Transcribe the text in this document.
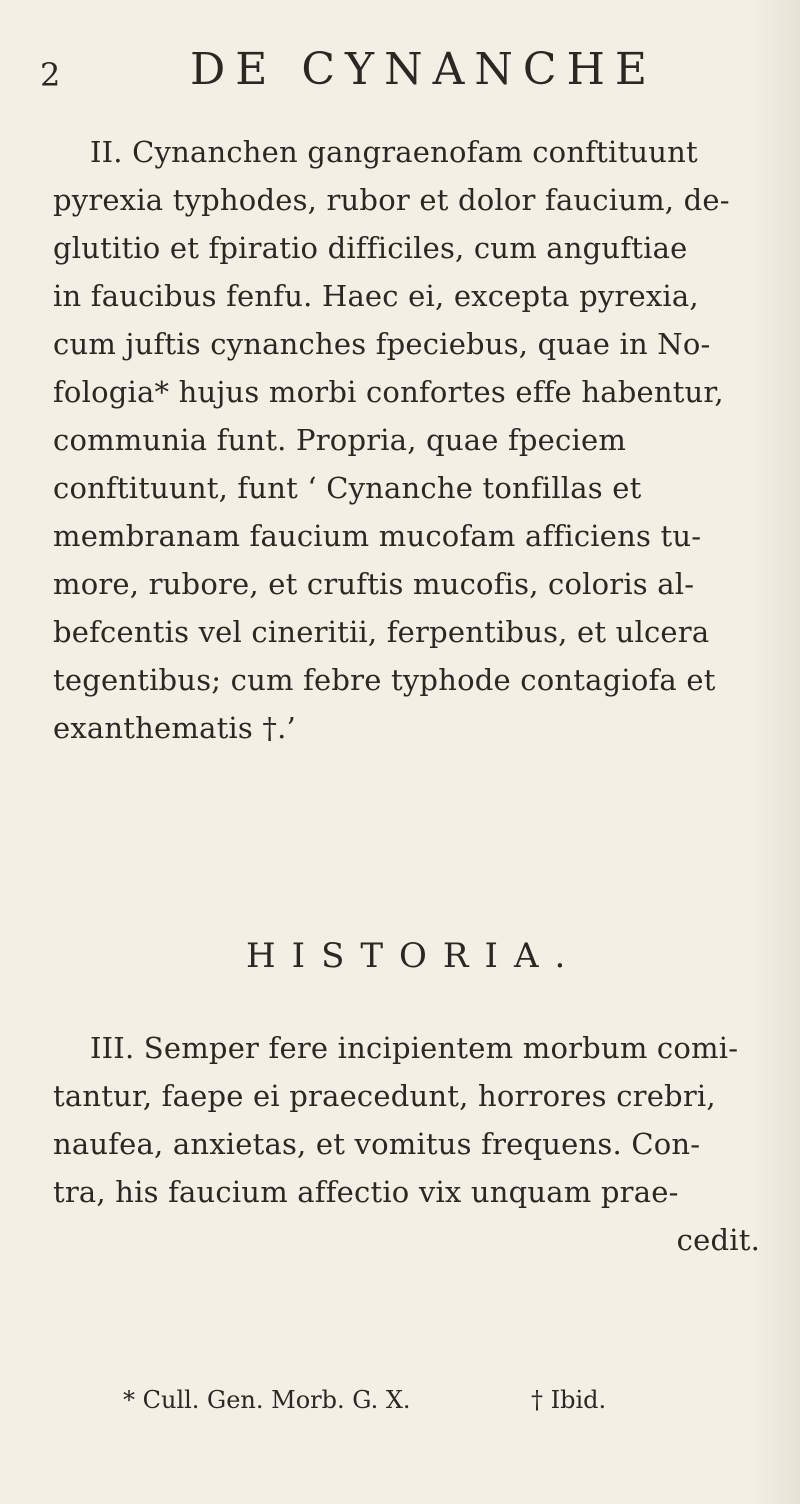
2	DE CYNANCHE
II. Cynanchen gangraenofam conftituunt
pyrexia typhodes, rubor et dolor faucium, de-
glutitio et fpiratio difficiles, cum anguftiae
in faucibus fenfu. Haec ei, excepta pyrexia,
cum juftis cynanches fpeciebus, quae in No-
fologia* hujus morbi confortes effe habentur,
communia funt. Propria, quae fpeciem
conftituunt, funt ‘ Cynanche tonfillas et
membranam faucium mucofam afficiens tu-
more, rubore, et cruftis mucofis, coloris al-
befcentis vel cineritii, ferpentibus, et ulcera
tegentibus; cum febre typhode contagiofa et
exanthematis †.’
HISTORIA.
III. Semper fere incipientem morbum comi-
tantur, faepe ei praecedunt, horrores crebri,
naufea, anxietas, et vomitus frequens. Con-
tra, his faucium affectio vix unquam prae-
cedit.
* Cull. Gen. Morb. G. X.	† Ibid.
